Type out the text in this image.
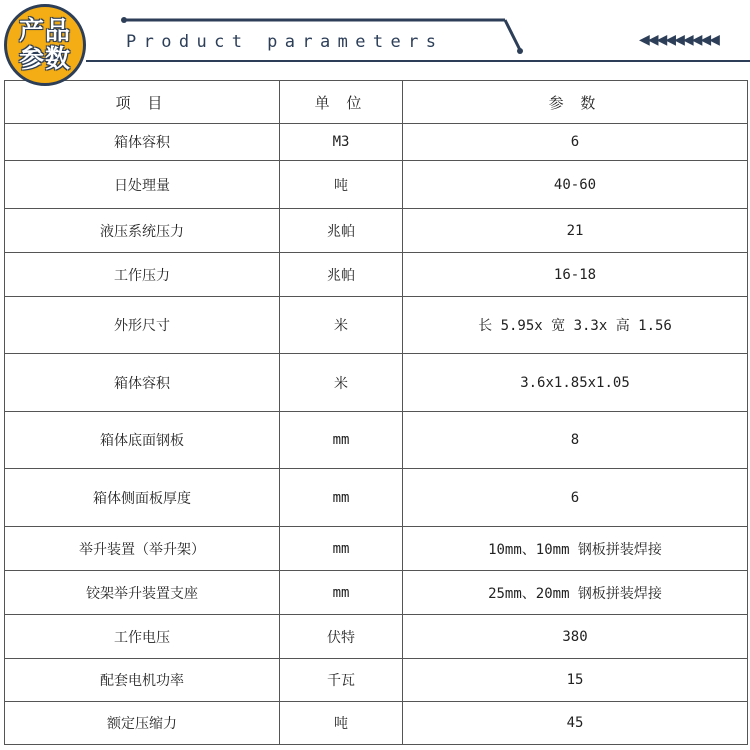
产品
参数
Product parameters	◀◀◀◀◀◀◀◀◀
项 目	单 位	参 数
箱体容积	M3	6
日处理量	吨	40-60
液压系统压力	兆帕	21
工作压力	兆帕	16-18
外形尺寸	米	长 5.95x 宽 3.3x 高 1.56
箱体容积	米	3.6x1.85x1.05
箱体底面钢板	mm	8
箱体侧面板厚度	mm	6
举升装置（举升架）	mm	10mm、10mm 钢板拼装焊接
铰架举升装置支座	mm	25mm、20mm 钢板拼装焊接
工作电压	伏特	380
配套电机功率	千瓦	15
额定压缩力	吨	45
